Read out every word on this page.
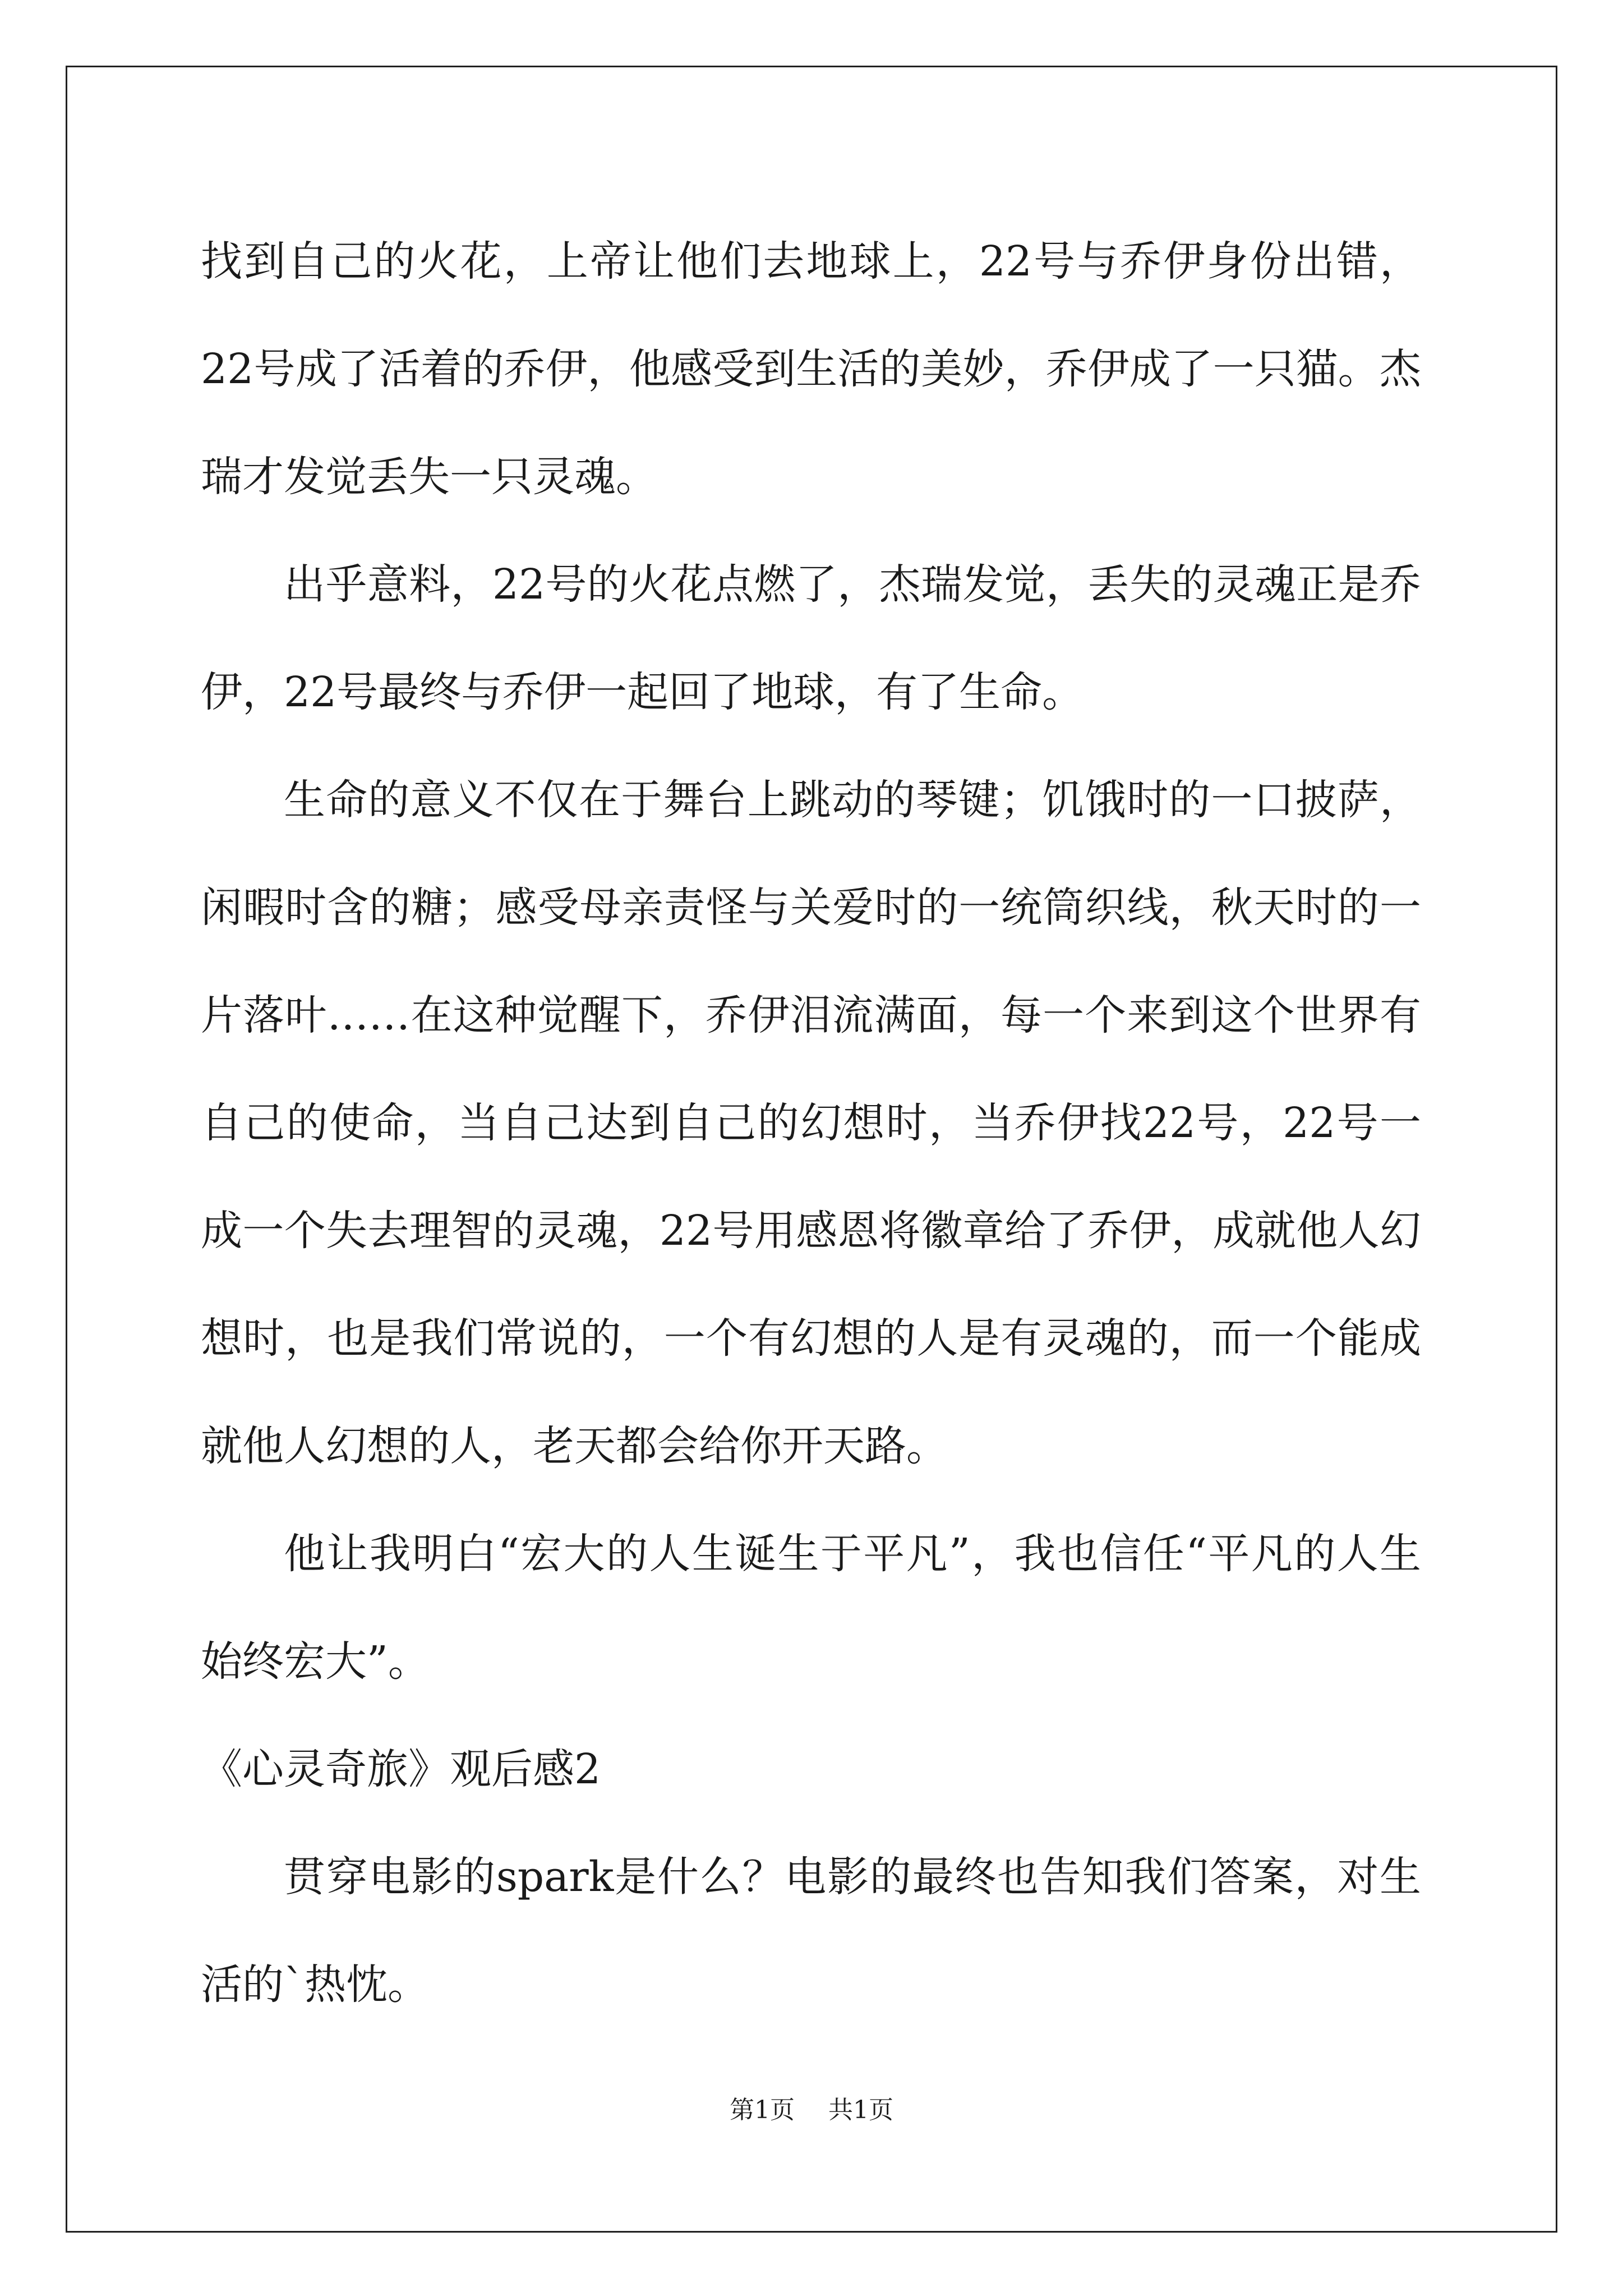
找到自己的火花，上帝让他们去地球上，22号与乔伊身份出错，22号成了活着的乔伊，他感受到生活的美妙，乔伊成了一只猫。杰瑞才发觉丢失一只灵魂。

出乎意料，22号的火花点燃了，杰瑞发觉，丢失的灵魂正是乔伊，22号最终与乔伊一起回了地球，有了生命。

生命的意义不仅在于舞台上跳动的琴键；饥饿时的一口披萨，闲暇时含的糖；感受母亲责怪与关爱时的一统筒织线，秋天时的一片落叶……在这种觉醒下，乔伊泪流满面，每一个来到这个世界有自己的使命，当自己达到自己的幻想时，当乔伊找22号，22号一成一个失去理智的灵魂，22号用感恩将徽章给了乔伊，成就他人幻想时，也是我们常说的，一个有幻想的人是有灵魂的，而一个能成就他人幻想的人，老天都会给你开天路。

他让我明白“宏大的人生诞生于平凡”，我也信任“平凡的人生始终宏大”。

《心灵奇旅》观后感2

贯穿电影的spark是什么？电影的最终也告知我们答案，对生活的`热忱。

第1页 共1页
